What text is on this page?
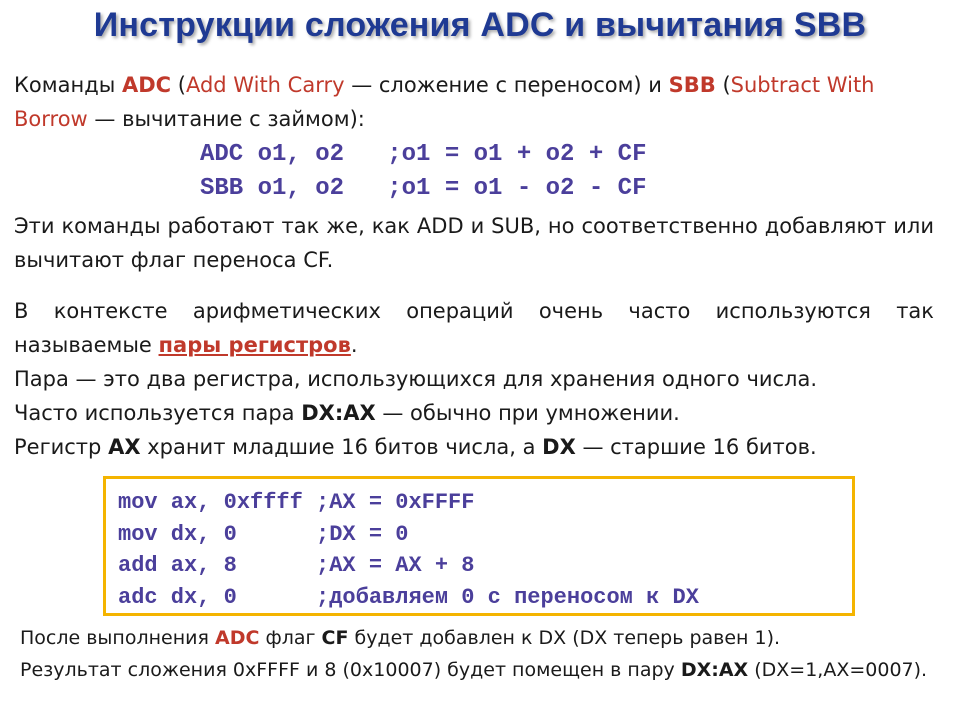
Инструкции сложения ADC и вычитания SBB
Команды ADC (Add With Carry — сложение с переносом) и SBB (Subtract With Borrow — вычитание с займом):
ADC o1, o2   ;o1 = o1 + o2 + CF
SBB o1, o2   ;o1 = o1 - o2 - CF
Эти команды работают так же, как ADD и SUB, но соответственно добавляют или вычитают флаг переноса CF.
В контексте арифметических операций очень часто используются так называемые пары регистров.
Пара — это два регистра, использующихся для хранения одного числа.
Часто используется пара DX:AX — обычно при умножении.
Регистр AX хранит младшие 16 битов числа, а DX — старшие 16 битов.
mov ax, 0xffff ;AX = 0xFFFF
mov dx, 0      ;DX = 0
add ax, 8      ;AX = AX + 8
adc dx, 0      ;добавляем 0 с переносом к DX
После выполнения ADC флаг CF будет добавлен к DX (DX теперь равен 1).
Результат сложения 0xFFFF и 8 (0x10007) будет помещен в пару DX:AX (DX=1,AX=0007).
